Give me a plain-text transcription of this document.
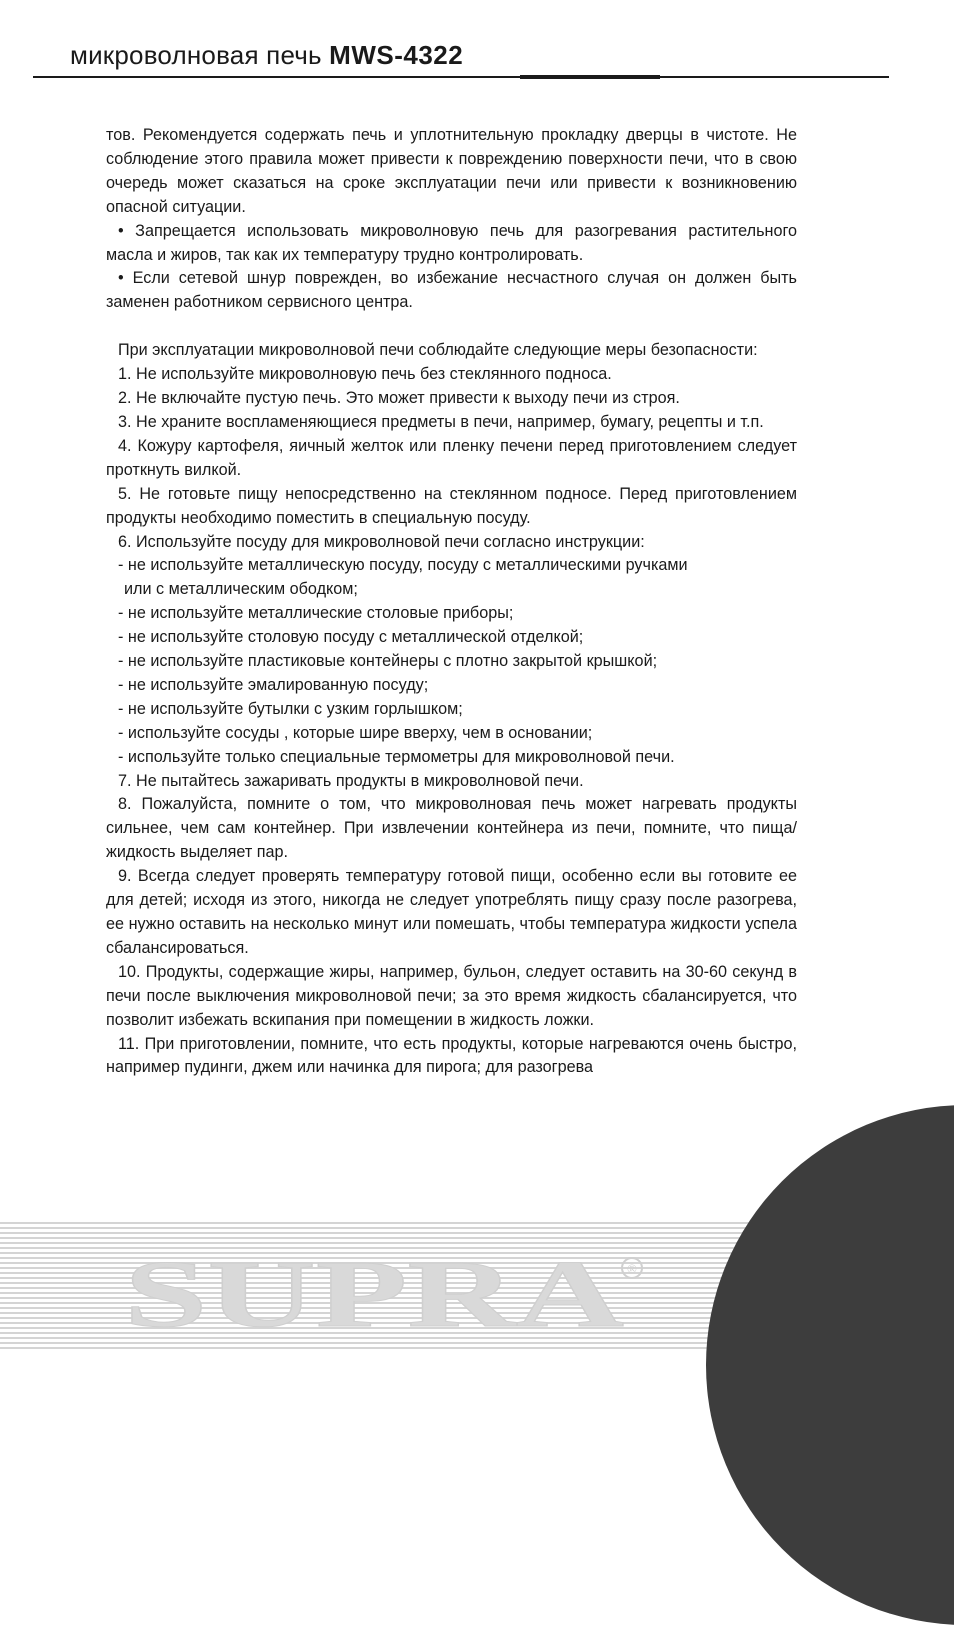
микроволновая печь MWS-4322

тов. Рекомендуется содержать печь и уплотнительную прокладку дверцы в чистоте. Не соблюдение этого правила может привести к повреждению поверхности печи, что в свою очередь может сказаться на сроке эксплуатации печи или привести к возникновению опасной ситуации.

• Запрещается использовать микроволновую печь для разогревания растительного масла и жиров, так как их температуру трудно контролировать.

• Если сетевой шнур поврежден, во избежание несчастного случая он должен быть заменен работником сервисного центра.

При эксплуатации микроволновой печи соблюдайте следующие меры безопасности:

1. Не используйте микроволновую печь без стеклянного подноса.

2. Не включайте пустую печь. Это может привести к выходу печи из строя.

3. Не храните воспламеняющиеся предметы в печи, например, бумагу, рецепты и т.п.

4. Кожуру картофеля, яичный желток или пленку печени перед приготовлением следует проткнуть вилкой.

5. Не готовьте пищу непосредственно на стеклянном подносе. Перед приготовлением продукты необходимо поместить в специальную посуду.

6. Используйте посуду для микроволновой печи согласно инструкции:

- не используйте металлическую посуду, посуду с металлическими ручками

или с металлическим ободком;

- не используйте металлические столовые приборы;

- не используйте столовую посуду с металлической отделкой;

- не используйте пластиковые контейнеры с плотно закрытой крышкой;

- не используйте эмалированную посуду;

- не используйте бутылки с узким горлышком;

- используйте сосуды , которые шире вверху, чем в основании;

- используйте только специальные термометры для микроволновой печи.

7. Не пытайтесь зажаривать продукты в микроволновой печи.

8. Пожалуйста, помните о том, что микроволновая печь может нагревать продукты сильнее, чем сам контейнер. При извлечении контейнера из печи, помните, что пища/жидкость выделяет пар.

9. Всегда следует проверять температуру готовой пищи, особенно если вы готовите ее для детей; исходя из этого, никогда не следует употреблять пищу сразу после разогрева, ее нужно оставить на несколько минут или помешать, чтобы температура жидкости успела сбалансироваться.

10. Продукты, содержащие жиры, например, бульон, следует оставить на 30-60 секунд в печи после выключения микроволновой печи; за это время жидкость сбалансируется, что позволит избежать вскипания при помещении в жидкость ложки.

11. При приготовлении, помните, что есть продукты, которые нагреваются очень быстро, например пудинги, джем или начинка для пирога; для разогрева

SUPRA ®
